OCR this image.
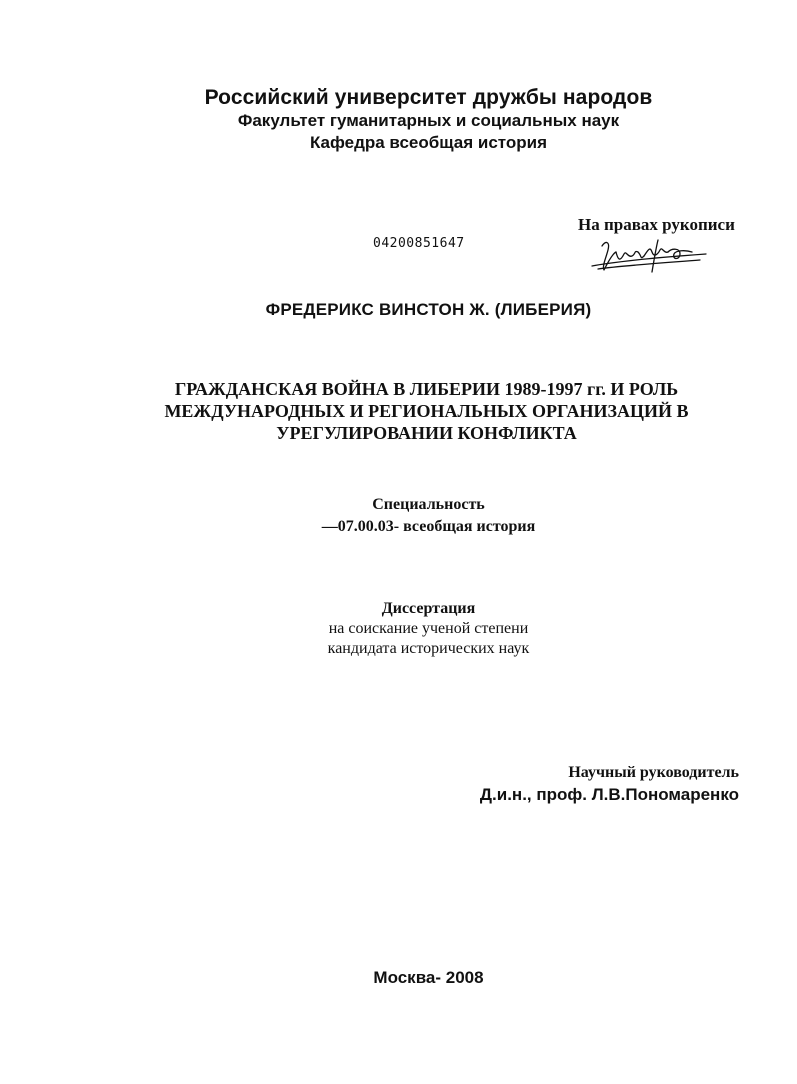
Российский университет дружбы народов
Факультет гуманитарных и социальных наук
Кафедра всеобщая история
На правах рукописи
04200851647
ФРЕДЕРИКС ВИНСТОН Ж. (ЛИБЕРИЯ)
ГРАЖДАНСКАЯ ВОЙНА В ЛИБЕРИИ 1989-1997 гг. И РОЛЬ
МЕЖДУНАРОДНЫХ И РЕГИОНАЛЬНЫХ ОРГАНИЗАЦИЙ В
УРЕГУЛИРОВАНИИ КОНФЛИКТА
Специальность
—07.00.03- всеобщая история
Диссертация
на соискание ученой степени
кандидата исторических наук
Научный руководитель
Д.и.н., проф. Л.В.Пономаренко
Москва- 2008
